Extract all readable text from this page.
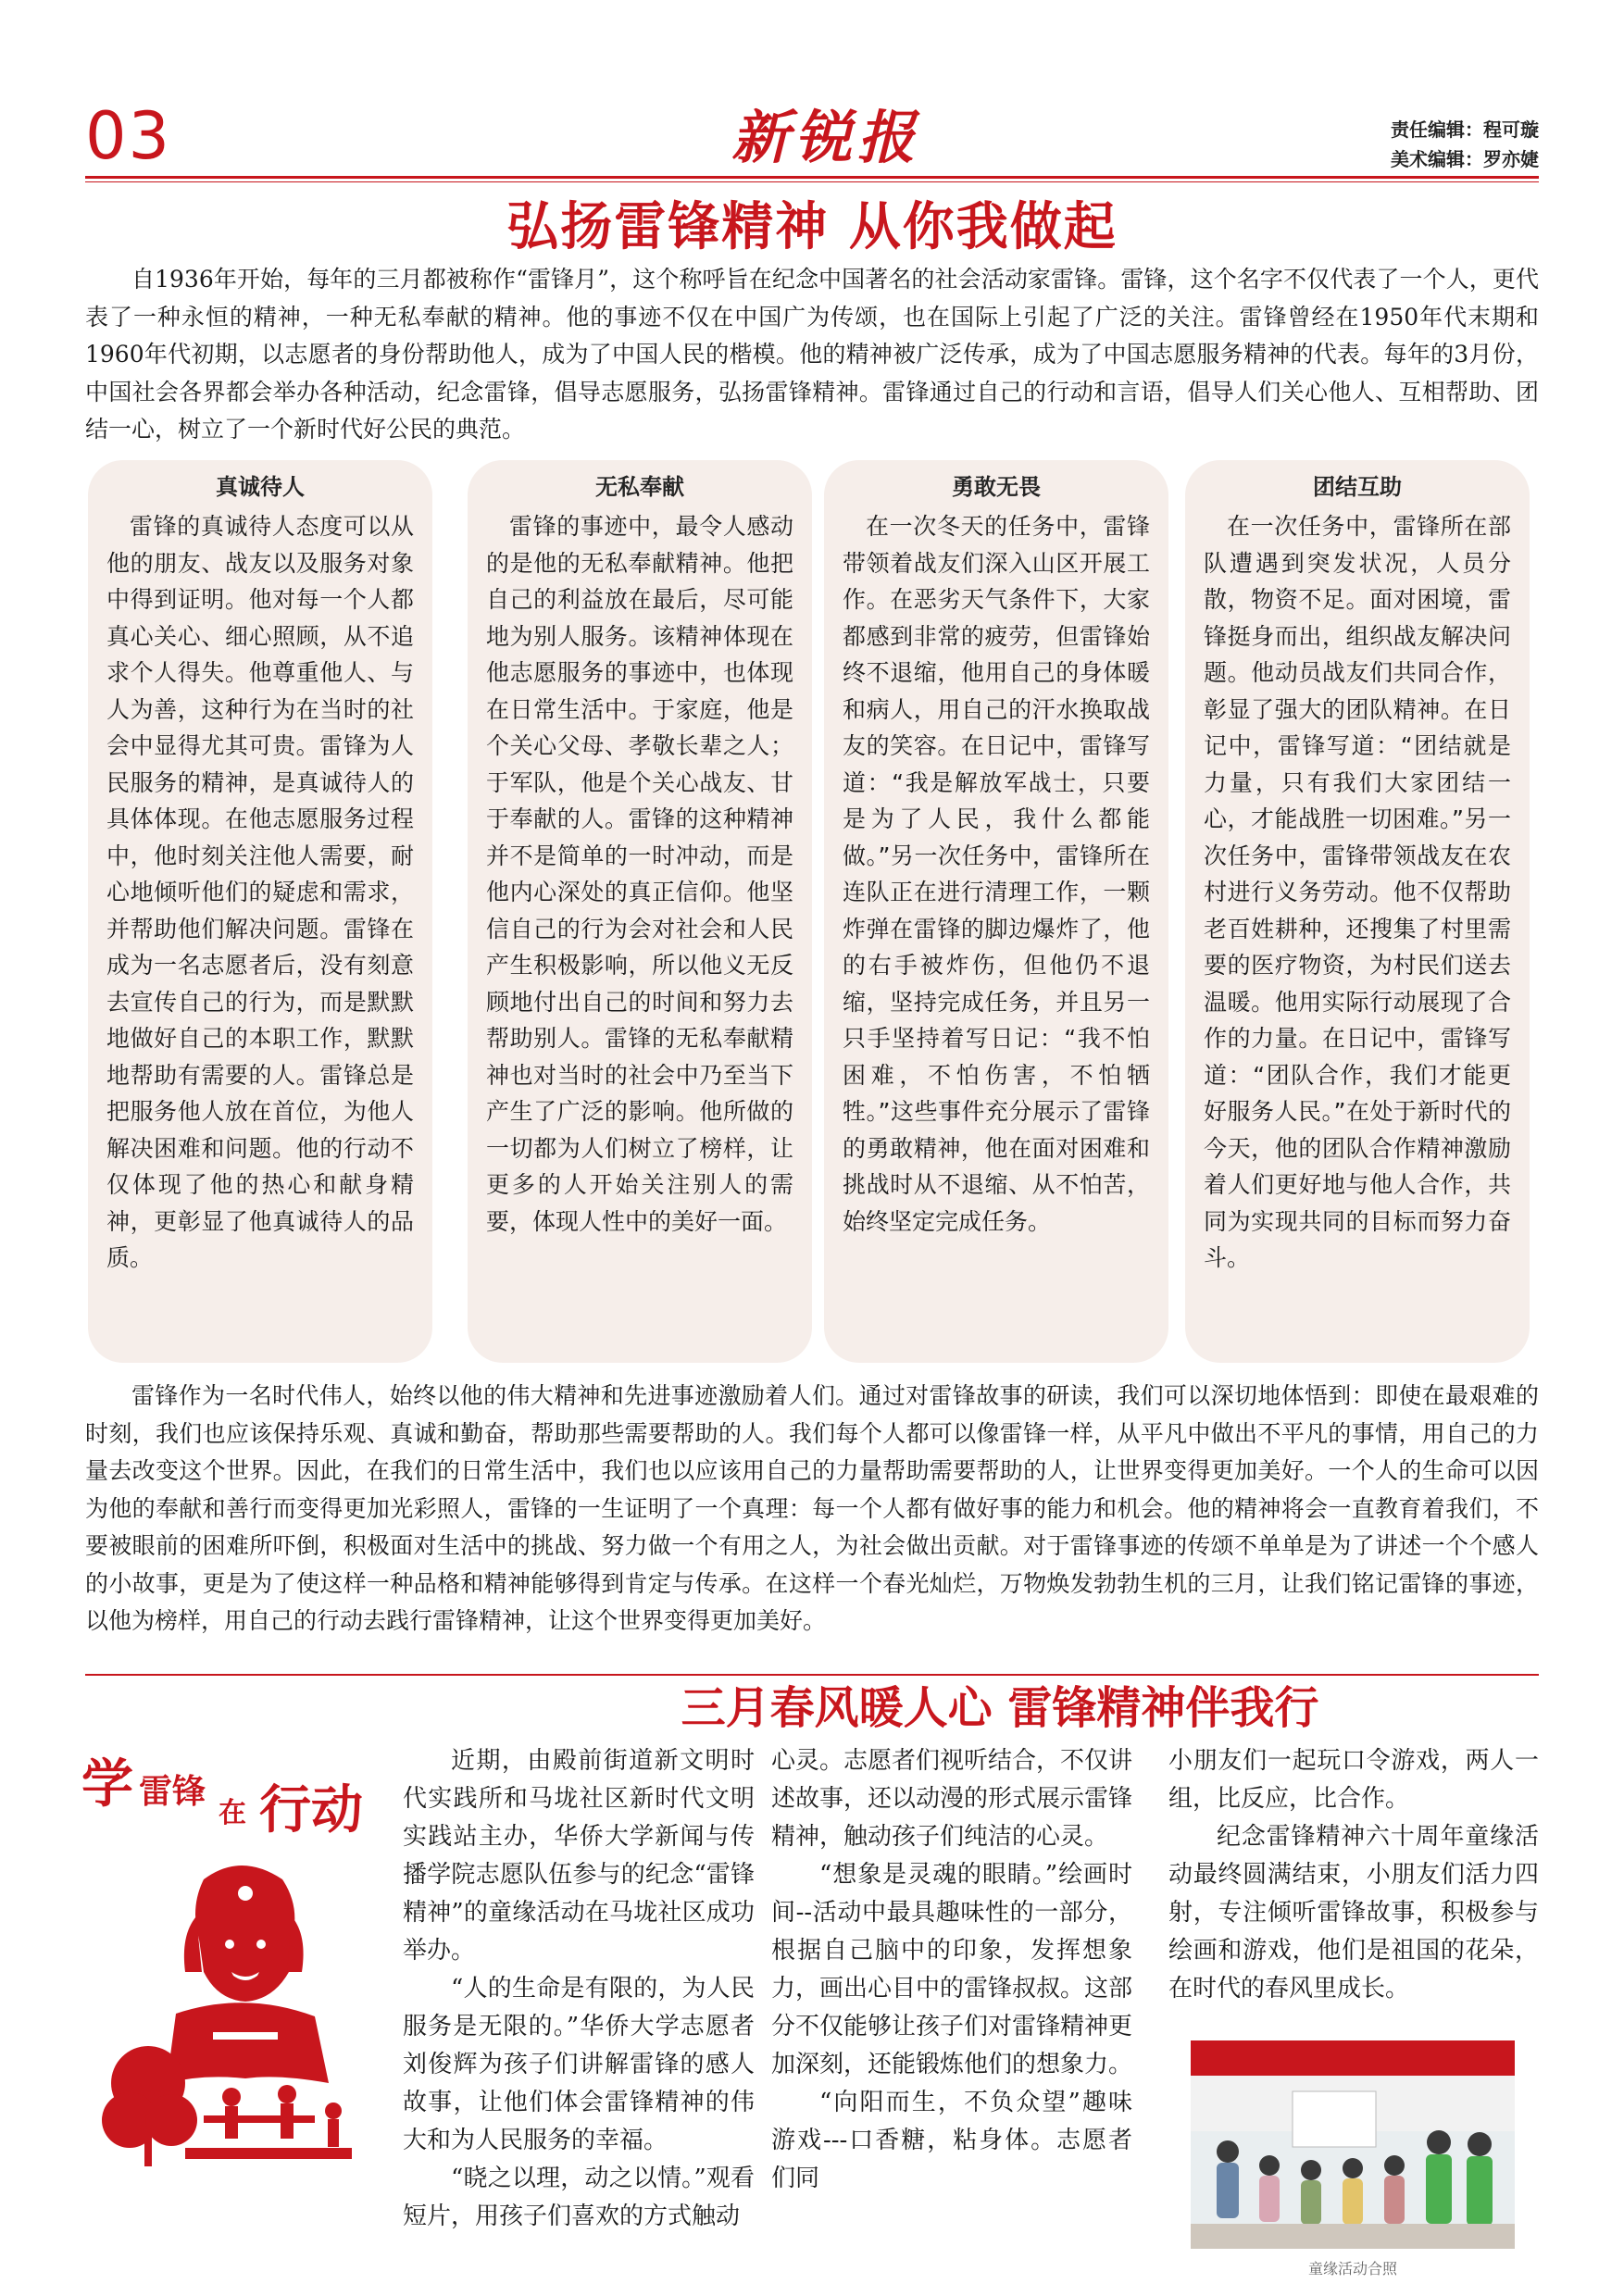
03	新锐报	责任编辑：程可璇
美术编辑：罗亦婕
弘扬雷锋精神 从你我做起
自1936年开始，每年的三月都被称作“雷锋月”，这个称呼旨在纪念中国著名的社会活动家雷锋。雷锋，这个名字不仅代表了一个人，更代表了一种永恒的精神，一种无私奉献的精神。他的事迹不仅在中国广为传颂，也在国际上引起了广泛的关注。雷锋曾经在1950年代末期和1960年代初期，以志愿者的身份帮助他人，成为了中国人民的楷模。他的精神被广泛传承，成为了中国志愿服务精神的代表。每年的3月份，中国社会各界都会举办各种活动，纪念雷锋，倡导志愿服务，弘扬雷锋精神。雷锋通过自己的行动和言语，倡导人们关心他人、互相帮助、团结一心，树立了一个新时代好公民的典范。
真诚待人
雷锋的真诚待人态度可以从他的朋友、战友以及服务对象中得到证明。他对每一个人都真心关心、细心照顾，从不追求个人得失。他尊重他人、与人为善，这种行为在当时的社会中显得尤其可贵。雷锋为人民服务的精神，是真诚待人的具体体现。在他志愿服务过程中，他时刻关注他人需要，耐心地倾听他们的疑虑和需求，并帮助他们解决问题。雷锋在成为一名志愿者后，没有刻意去宣传自己的行为，而是默默地做好自己的本职工作，默默地帮助有需要的人。雷锋总是把服务他人放在首位，为他人解决困难和问题。他的行动不仅体现了他的热心和献身精神，更彰显了他真诚待人的品质。
无私奉献
雷锋的事迹中，最令人感动的是他的无私奉献精神。他把自己的利益放在最后，尽可能地为别人服务。该精神体现在他志愿服务的事迹中，也体现在日常生活中。于家庭，他是个关心父母、孝敬长辈之人；于军队，他是个关心战友、甘于奉献的人。雷锋的这种精神并不是简单的一时冲动，而是他内心深处的真正信仰。他坚信自己的行为会对社会和人民产生积极影响，所以他义无反顾地付出自己的时间和努力去帮助别人。雷锋的无私奉献精神也对当时的社会中乃至当下产生了广泛的影响。他所做的一切都为人们树立了榜样，让更多的人开始关注别人的需要，体现人性中的美好一面。
勇敢无畏
在一次冬天的任务中，雷锋带领着战友们深入山区开展工作。在恶劣天气条件下，大家都感到非常的疲劳，但雷锋始终不退缩，他用自己的身体暖和病人，用自己的汗水换取战友的笑容。在日记中，雷锋写道：“我是解放军战士，只要是为了人民，我什么都能做。”另一次任务中，雷锋所在连队正在进行清理工作，一颗炸弹在雷锋的脚边爆炸了，他的右手被炸伤，但他仍不退缩，坚持完成任务，并且另一只手坚持着写日记：“我不怕困难，不怕伤害，不怕牺牲。”这些事件充分展示了雷锋的勇敢精神，他在面对困难和挑战时从不退缩、从不怕苦，始终坚定完成任务。
团结互助
在一次任务中，雷锋所在部队遭遇到突发状况，人员分散，物资不足。面对困境，雷锋挺身而出，组织战友解决问题。他动员战友们共同合作，彰显了强大的团队精神。在日记中，雷锋写道：“团结就是力量，只有我们大家团结一心，才能战胜一切困难。”另一次任务中，雷锋带领战友在农村进行义务劳动。他不仅帮助老百姓耕种，还搜集了村里需要的医疗物资，为村民们送去温暖。他用实际行动展现了合作的力量。在日记中，雷锋写道：“团队合作，我们才能更好服务人民。”在处于新时代的今天，他的团队合作精神激励着人们更好地与他人合作，共同为实现共同的目标而努力奋斗。
雷锋作为一名时代伟人，始终以他的伟大精神和先进事迹激励着人们。通过对雷锋故事的研读，我们可以深切地体悟到：即使在最艰难的时刻，我们也应该保持乐观、真诚和勤奋，帮助那些需要帮助的人。我们每个人都可以像雷锋一样，从平凡中做出不平凡的事情，用自己的力量去改变这个世界。因此，在我们的日常生活中，我们也以应该用自己的力量帮助需要帮助的人，让世界变得更加美好。一个人的生命可以因为他的奉献和善行而变得更加光彩照人，雷锋的一生证明了一个真理：每一个人都有做好事的能力和机会。他的精神将会一直教育着我们，不要被眼前的困难所吓倒，积极面对生活中的挑战、努力做一个有用之人，为社会做出贡献。对于雷锋事迹的传颂不单单是为了讲述一个个感人的小故事，更是为了使这样一种品格和精神能够得到肯定与传承。在这样一个春光灿烂，万物焕发勃勃生机的三月，让我们铭记雷锋的事迹，以他为榜样，用自己的行动去践行雷锋精神，让这个世界变得更加美好。
三月春风暖人心 雷锋精神伴我行
学 雷锋
在 行动

近期，由殿前街道新文明时代实践所和马垅社区新时代文明实践站主办，华侨大学新闻与传播学院志愿队伍参与的纪念“雷锋精神”的童缘活动在马垅社区成功举办。

“人的生命是有限的，为人民服务是无限的。”华侨大学志愿者刘俊辉为孩子们讲解雷锋的感人故事，让他们体会雷锋精神的伟大和为人民服务的幸福。

“晓之以理，动之以情。”观看短片，用孩子们喜欢的方式触动

心灵。志愿者们视听结合，不仅讲述故事，还以动漫的形式展示雷锋精神，触动孩子们纯洁的心灵。

“想象是灵魂的眼睛。”绘画时间--活动中最具趣味性的一部分，根据自己脑中的印象，发挥想象力，画出心目中的雷锋叔叔。这部分不仅能够让孩子们对雷锋精神更加深刻，还能锻炼他们的想象力。

“向阳而生，不负众望”趣味游戏---口香糖，粘身体。志愿者们同

小朋友们一起玩口令游戏，两人一组，比反应，比合作。

纪念雷锋精神六十周年童缘活动最终圆满结束，小朋友们活力四射，专注倾听雷锋故事，积极参与绘画和游戏，他们是祖国的花朵，在时代的春风里成长。

童缘活动合照
